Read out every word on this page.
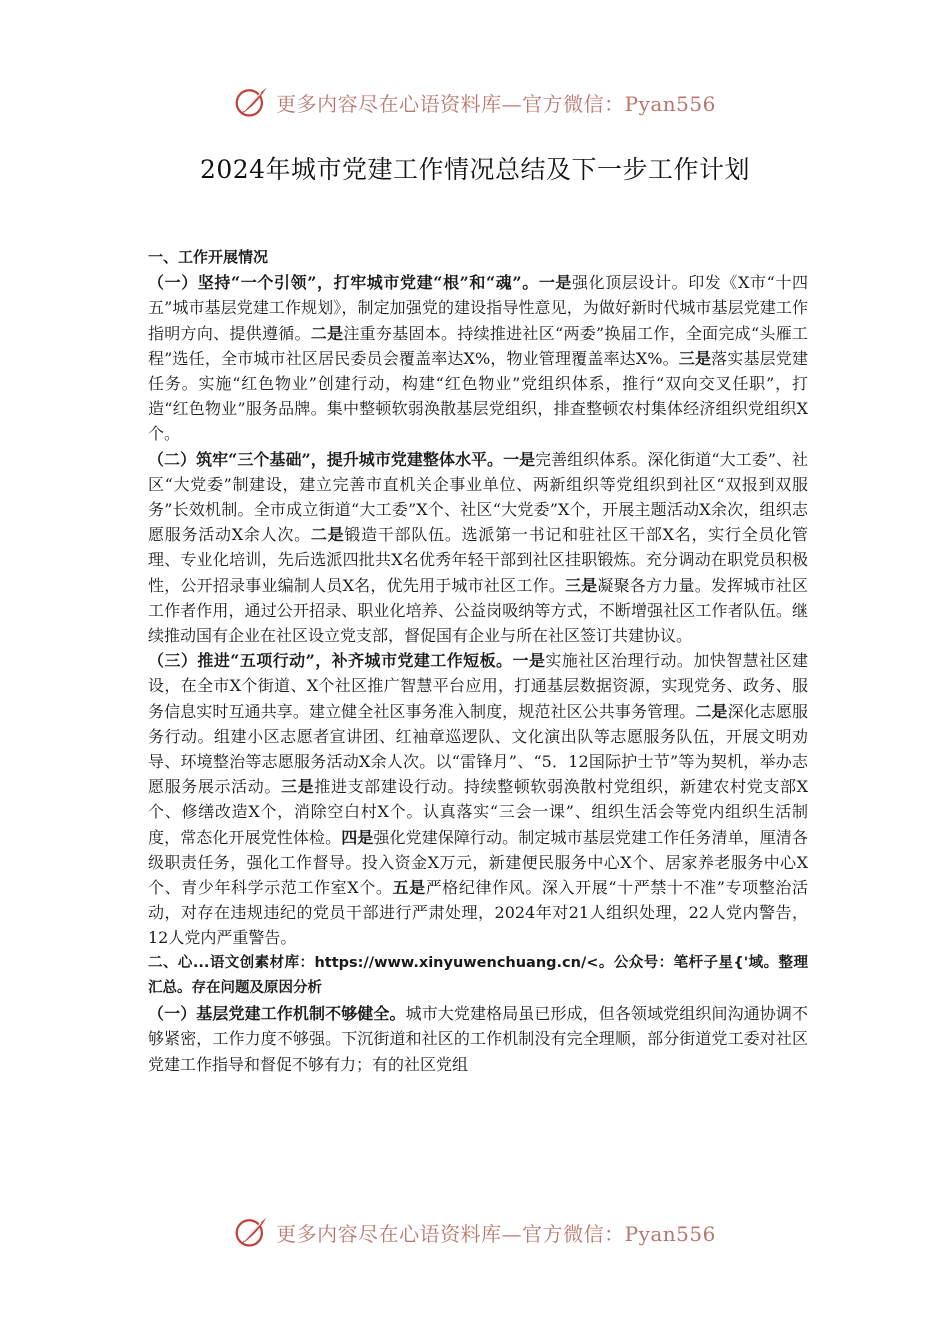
更多内容尽在心语资料库—官方微信：Pyan556
2024年城市党建工作情况总结及下一步工作计划

一、工作开展情况

（一）坚持“一个引领”，打牢城市党建“根”和“魂”。一是强化顶层设计。印发《X市“十四五”城市基层党建工作规划》，制定加强党的建设指导性意见，为做好新时代城市基层党建工作指明方向、提供遵循。二是注重夯基固本。持续推进社区“两委”换届工作，全面完成“头雁工程”选任，全市城市社区居民委员会覆盖率达X%，物业管理覆盖率达X%。三是落实基层党建任务。实施“红色物业”创建行动，构建“红色物业”党组织体系，推行“双向交叉任职”，打造“红色物业”服务品牌。集中整顿软弱涣散基层党组织，排查整顿农村集体经济组织党组织X个。

（二）筑牢“三个基础”，提升城市党建整体水平。一是完善组织体系。深化街道“大工委”、社区“大党委”制建设，建立完善市直机关企事业单位、两新组织等党组织到社区“双报到双服务”长效机制。全市成立街道“大工委”X个、社区“大党委”X个，开展主题活动X余次，组织志愿服务活动X余人次。二是锻造干部队伍。选派第一书记和驻社区干部X名，实行全员化管理、专业化培训，先后选派四批共X名优秀年轻干部到社区挂职锻炼。充分调动在职党员积极性，公开招录事业编制人员X名，优先用于城市社区工作。三是凝聚各方力量。发挥城市社区工作者作用，通过公开招录、职业化培养、公益岗吸纳等方式，不断增强社区工作者队伍。继续推动国有企业在社区设立党支部，督促国有企业与所在社区签订共建协议。

（三）推进“五项行动”，补齐城市党建工作短板。一是实施社区治理行动。加快智慧社区建设，在全市X个街道、X个社区推广智慧平台应用，打通基层数据资源，实现党务、政务、服务信息实时互通共享。建立健全社区事务准入制度，规范社区公共事务管理。二是深化志愿服务行动。组建小区志愿者宣讲团、红袖章巡逻队、文化演出队等志愿服务队伍，开展文明劝导、环境整治等志愿服务活动X余人次。以“雷锋月”、“5．12国际护士节”等为契机，举办志愿服务展示活动。三是推进支部建设行动。持续整顿软弱涣散村党组织，新建农村党支部X个、修缮改造X个，消除空白村X个。认真落实“三会一课”、组织生活会等党内组织生活制度，常态化开展党性体检。四是强化党建保障行动。制定城市基层党建工作任务清单，厘清各级职责任务，强化工作督导。投入资金X万元，新建便民服务中心X个、居家养老服务中心X个、青少年科学示范工作室X个。五是严格纪律作风。深入开展“十严禁十不准”专项整治活动，对存在违规违纪的党员干部进行严肃处理，2024年对21人组织处理，22人党内警告，12人党内严重警告。

二、心...语文创素材库：https://www.xinyuwenchuang.cn/<。公众号：笔杆子星{'域。整理汇总。存在问题及原因分析

（一）基层党建工作机制不够健全。城市大党建格局虽已形成，但各领域党组织间沟通协调不够紧密，工作力度不够强。下沉街道和社区的工作机制没有完全理顺，部分街道党工委对社区党建工作指导和督促不够有力；有的社区党组

更多内容尽在心语资料库—官方微信：Pyan556
